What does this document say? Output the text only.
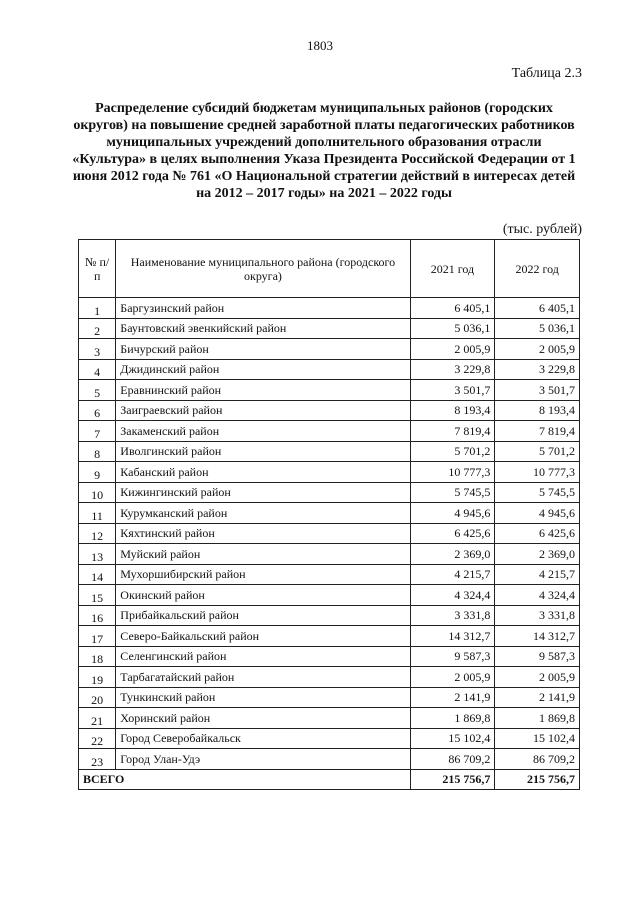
1803
Таблица 2.3
Распределение субсидий бюджетам муниципальных районов (городских округов) на повышение средней заработной платы педагогических работников муниципальных учреждений дополнительного образования отрасли «Культура» в целях выполнения Указа Президента Российской Федерации от 1 июня 2012 года № 761 «О Национальной стратегии действий в интересах детей на 2012 – 2017 годы» на 2021 – 2022 годы
(тыс. рублей)
№ п/п	Наименование муниципального района (городского округа)	2021 год	2022 год
1	Баргузинский район	6 405,1	6 405,1
2	Баунтовский эвенкийский район	5 036,1	5 036,1
3	Бичурский район	2 005,9	2 005,9
4	Джидинский район	3 229,8	3 229,8
5	Еравнинский район	3 501,7	3 501,7
6	Заиграевский район	8 193,4	8 193,4
7	Закаменский район	7 819,4	7 819,4
8	Иволгинский район	5 701,2	5 701,2
9	Кабанский район	10 777,3	10 777,3
10	Кижингинский район	5 745,5	5 745,5
11	Курумканский район	4 945,6	4 945,6
12	Кяхтинский район	6 425,6	6 425,6
13	Муйский район	2 369,0	2 369,0
14	Мухоршибирский район	4 215,7	4 215,7
15	Окинский район	4 324,4	4 324,4
16	Прибайкальский район	3 331,8	3 331,8
17	Северо-Байкальский район	14 312,7	14 312,7
18	Селенгинский район	9 587,3	9 587,3
19	Тарбагатайский район	2 005,9	2 005,9
20	Тункинский район	2 141,9	2 141,9
21	Хоринский район	1 869,8	1 869,8
22	Город Северобайкальск	15 102,4	15 102,4
23	Город Улан-Удэ	86 709,2	86 709,2
ВСЕГО		215 756,7	215 756,7
